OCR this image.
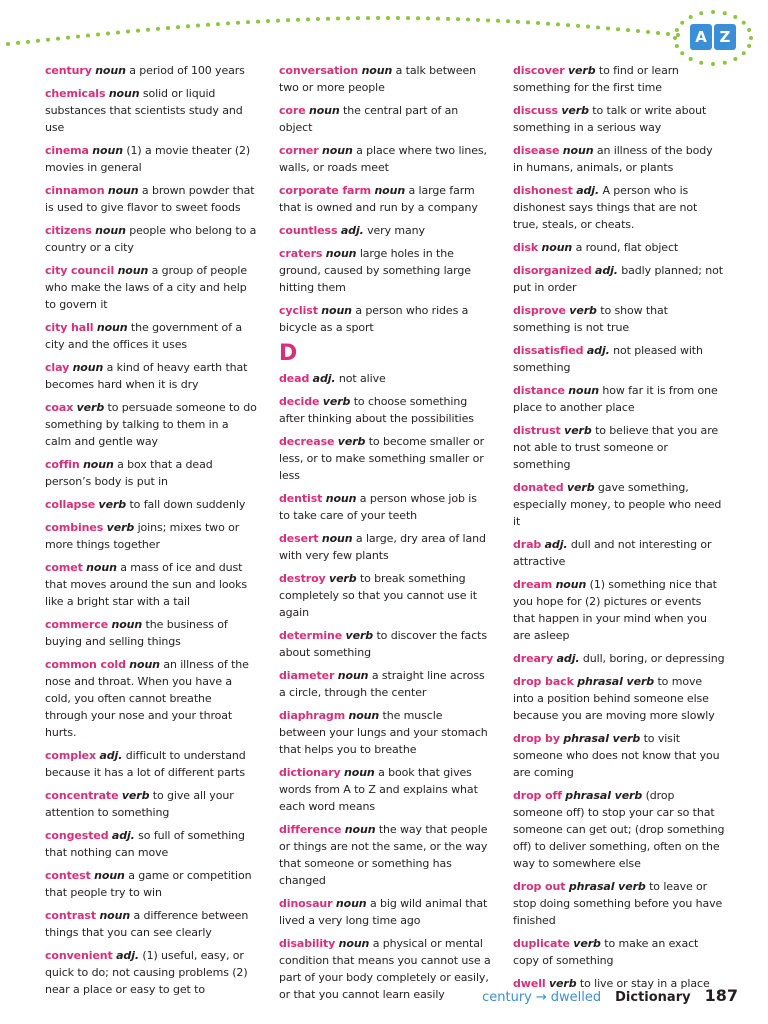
A Z
century noun a period of 100 years
chemicals noun solid or liquid substances that scientists study and use
cinema noun (1) a movie theater (2) movies in general
cinnamon noun a brown powder that is used to give flavor to sweet foods
citizens noun people who belong to a country or a city
city council noun a group of people who make the laws of a city and help to govern it
city hall noun the government of a city and the offices it uses
clay noun a kind of heavy earth that becomes hard when it is dry
coax verb to persuade someone to do something by talking to them in a calm and gentle way
coffin noun a box that a dead person’s body is put in
collapse verb to fall down suddenly
combines verb joins; mixes two or more things together
comet noun a mass of ice and dust that moves around the sun and looks like a bright star with a tail
commerce noun the business of buying and selling things
common cold noun an illness of the nose and throat. When you have a cold, you often cannot breathe through your nose and your throat hurts.
complex adj. difficult to understand because it has a lot of different parts
concentrate verb to give all your attention to something
congested adj. so full of something that nothing can move
contest noun a game or competition that people try to win
contrast noun a difference between things that you can see clearly
convenient adj. (1) useful, easy, or quick to do; not causing problems (2) near a place or easy to get to
conversation noun a talk between two or more people
core noun the central part of an object
corner noun a place where two lines, walls, or roads meet
corporate farm noun a large farm that is owned and run by a company
countless adj. very many
craters noun large holes in the ground, caused by something large hitting them
cyclist noun a person who rides a bicycle as a sport
D
dead adj. not alive
decide verb to choose something after thinking about the possibilities
decrease verb to become smaller or less, or to make something smaller or less
dentist noun a person whose job is to take care of your teeth
desert noun a large, dry area of land with very few plants
destroy verb to break something completely so that you cannot use it again
determine verb to discover the facts about something
diameter noun a straight line across a circle, through the center
diaphragm noun the muscle between your lungs and your stomach that helps you to breathe
dictionary noun a book that gives words from A to Z and explains what each word means
difference noun the way that people or things are not the same, or the way that someone or something has changed
dinosaur noun a big wild animal that lived a very long time ago
disability noun a physical or mental condition that means you cannot use a part of your body completely or easily, or that you cannot learn easily
discover verb to find or learn something for the first time
discuss verb to talk or write about something in a serious way
disease noun an illness of the body in humans, animals, or plants
dishonest adj. A person who is dishonest says things that are not true, steals, or cheats.
disk noun a round, flat object
disorganized adj. badly planned; not put in order
disprove verb to show that something is not true
dissatisfied adj. not pleased with something
distance noun how far it is from one place to another place
distrust verb to believe that you are not able to trust someone or something
donated verb gave something, especially money, to people who need it
drab adj. dull and not interesting or attractive
dream noun (1) something nice that you hope for (2) pictures or events that happen in your mind when you are asleep
dreary adj. dull, boring, or depressing
drop back phrasal verb to move into a position behind someone else because you are moving more slowly
drop by phrasal verb to visit someone who does not know that you are coming
drop off phrasal verb (drop someone off) to stop your car so that someone can get out; (drop something off) to deliver something, often on the way to somewhere else
drop out phrasal verb to leave or stop doing something before you have finished
duplicate verb to make an exact copy of something
dwell verb to live or stay in a place
century → dwelled Dictionary 187
